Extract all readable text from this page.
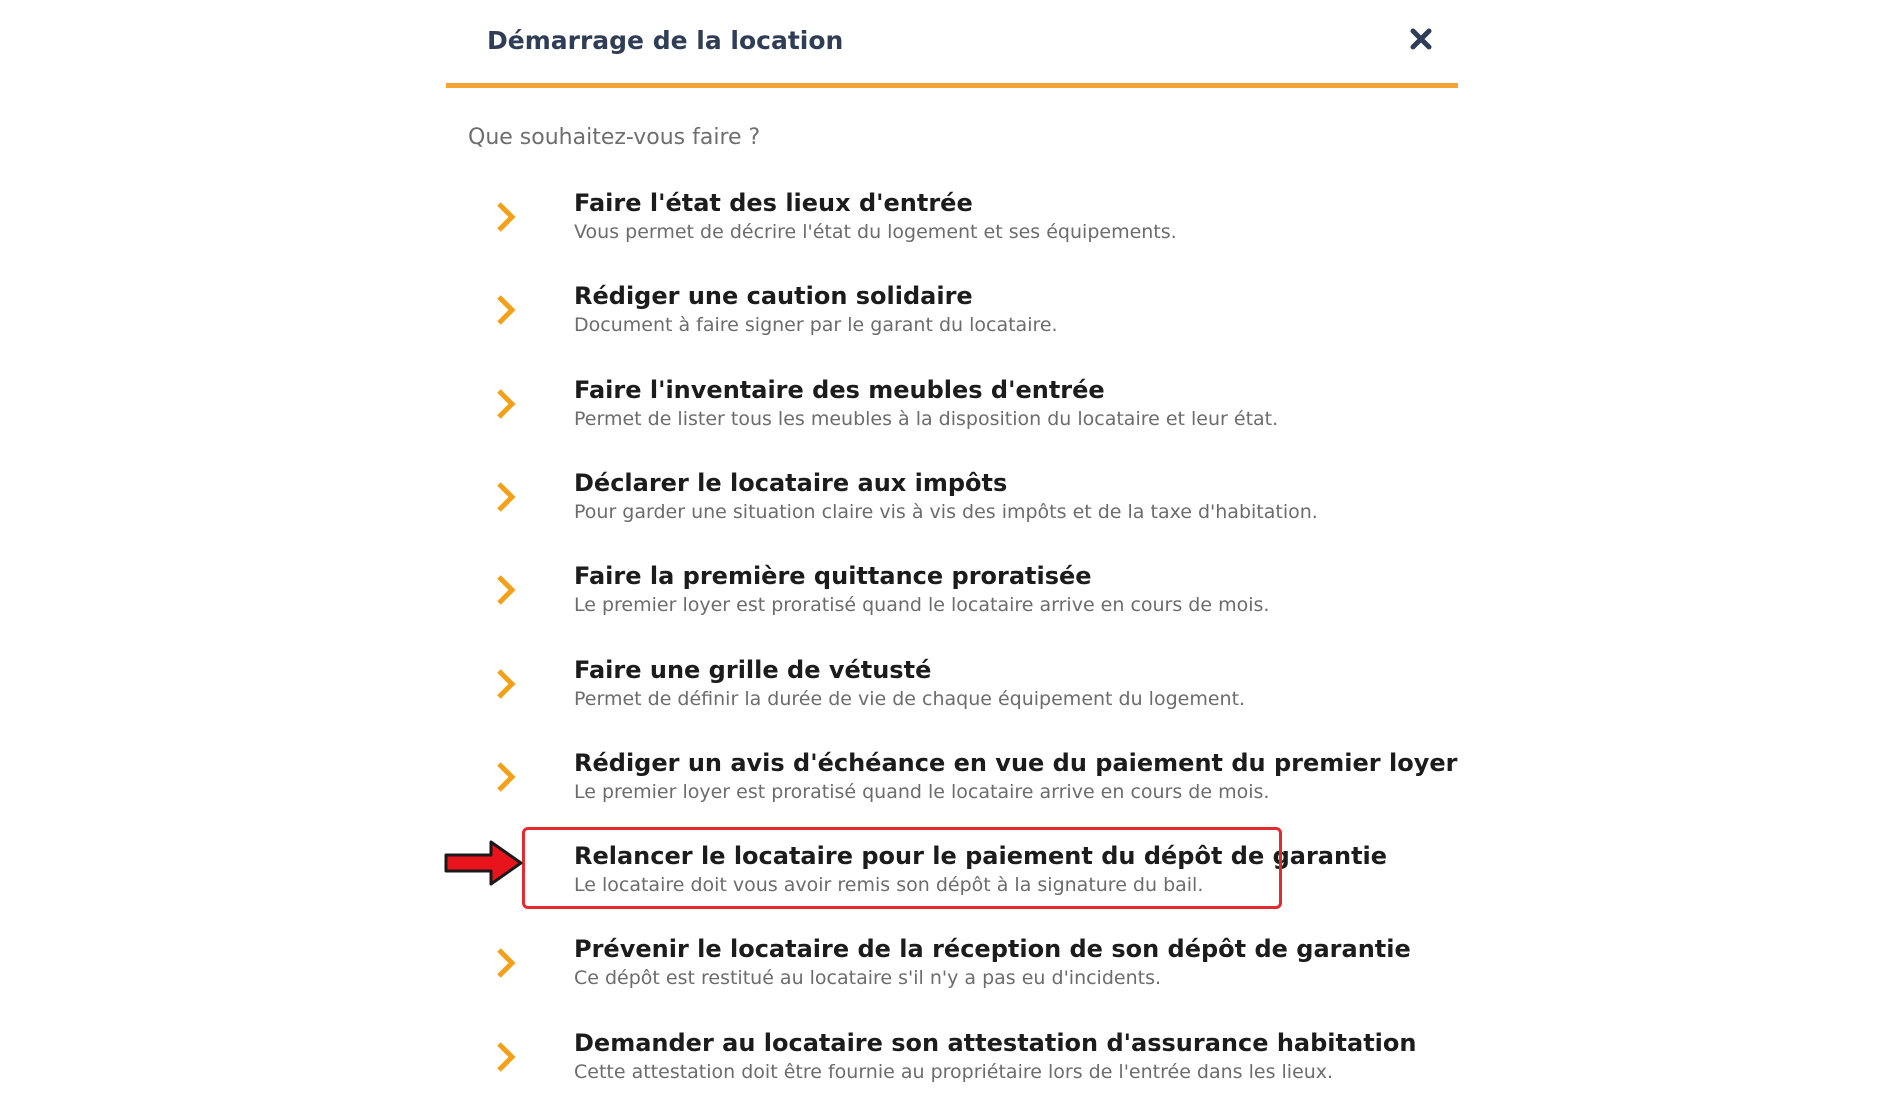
Démarrage de la location
Que souhaitez-vous faire ?
Faire l'état des lieux d'entrée
Vous permet de décrire l'état du logement et ses équipements.
Rédiger une caution solidaire
Document à faire signer par le garant du locataire.
Faire l'inventaire des meubles d'entrée
Permet de lister tous les meubles à la disposition du locataire et leur état.
Déclarer le locataire aux impôts
Pour garder une situation claire vis à vis des impôts et de la taxe d'habitation.
Faire la première quittance proratisée
Le premier loyer est proratisé quand le locataire arrive en cours de mois.
Faire une grille de vétusté
Permet de définir la durée de vie de chaque équipement du logement.
Rédiger un avis d'échéance en vue du paiement du premier loyer
Le premier loyer est proratisé quand le locataire arrive en cours de mois.
Relancer le locataire pour le paiement du dépôt de garantie
Le locataire doit vous avoir remis son dépôt à la signature du bail.
Prévenir le locataire de la réception de son dépôt de garantie
Ce dépôt est restitué au locataire s'il n'y a pas eu d'incidents.
Demander au locataire son attestation d'assurance habitation
Cette attestation doit être fournie au propriétaire lors de l'entrée dans les lieux.
